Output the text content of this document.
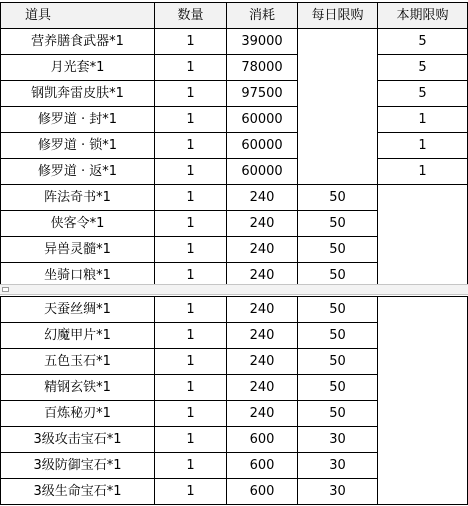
道具	数量	消耗	每日限购	本期限购
营养膳食武器*1	1	39000		5
月光套*1	1	78000		5
钢凯奔雷皮肤*1	1	97500		5
修罗道 · 封*1	1	60000		1
修罗道 · 锁*1	1	60000		1
修罗道 · 返*1	1	60000		1
阵法奇书*1	1	240	50	
侠客令*1	1	240	50	
异兽灵髓*1	1	240	50	
坐骑口粮*1	1	240	50	
天蚕丝绸*1	1	240	50	
幻魔甲片*1	1	240	50	
五色玉石*1	1	240	50	
精钢玄铁*1	1	240	50	
百炼秘刃*1	1	240	50	
3级攻击宝石*1	1	600	30	
3级防御宝石*1	1	600	30	
3级生命宝石*1	1	600	30	
